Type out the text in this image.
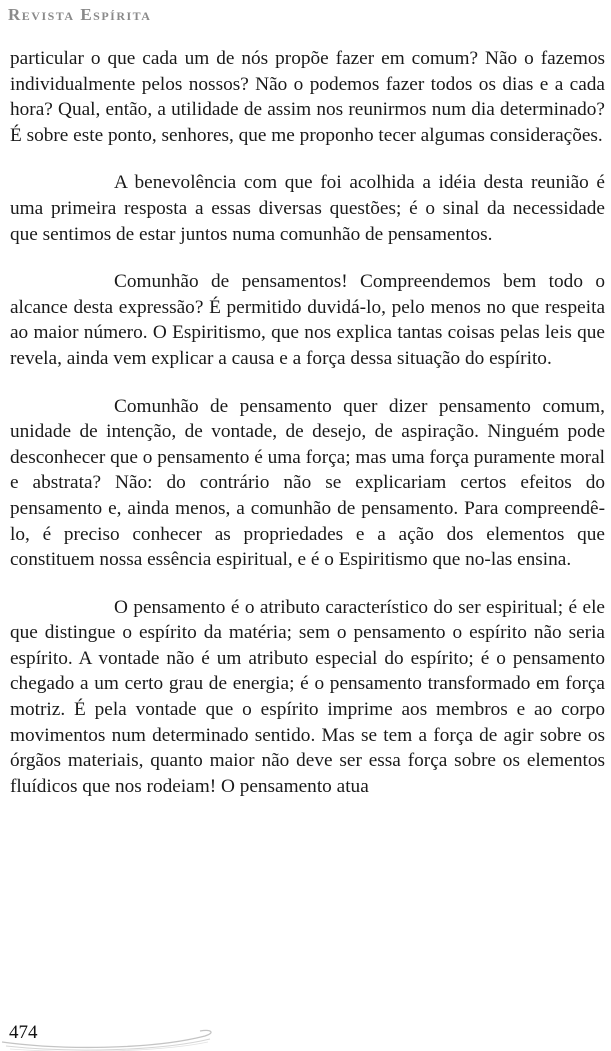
Revista Espírita

particular o que cada um de nós propõe fazer em comum? Não o fazemos individualmente pelos nossos? Não o podemos fazer todos os dias e a cada hora? Qual, então, a utilidade de assim nos reunirmos num dia determinado? É sobre este ponto, senhores, que me proponho tecer algumas considerações.

A benevolência com que foi acolhida a idéia desta reunião é uma primeira resposta a essas diversas questões; é o sinal da necessidade que sentimos de estar juntos numa comunhão de pensamentos.

Comunhão de pensamentos! Compreendemos bem todo o alcance desta expressão? É permitido duvidá-lo, pelo menos no que respeita ao maior número. O Espiritismo, que nos explica tantas coisas pelas leis que revela, ainda vem explicar a causa e a força dessa situação do espírito.

Comunhão de pensamento quer dizer pensamento comum, unidade de intenção, de vontade, de desejo, de aspiração. Ninguém pode desconhecer que o pensamento é uma força; mas uma força puramente moral e abstrata? Não: do contrário não se explicariam certos efeitos do pensamento e, ainda menos, a comunhão de pensamento. Para compreendê-lo, é preciso conhecer as propriedades e a ação dos elementos que constituem nossa essência espiritual, e é o Espiritismo que no-las ensina.

O pensamento é o atributo característico do ser espiritual; é ele que distingue o espírito da matéria; sem o pensamento o espírito não seria espírito. A vontade não é um atributo especial do espírito; é o pensamento chegado a um certo grau de energia; é o pensamento transformado em força motriz. É pela vontade que o espírito imprime aos membros e ao corpo movimentos num determinado sentido. Mas se tem a força de agir sobre os órgãos materiais, quanto maior não deve ser essa força sobre os elementos fluídicos que nos rodeiam! O pensamento atua

474
